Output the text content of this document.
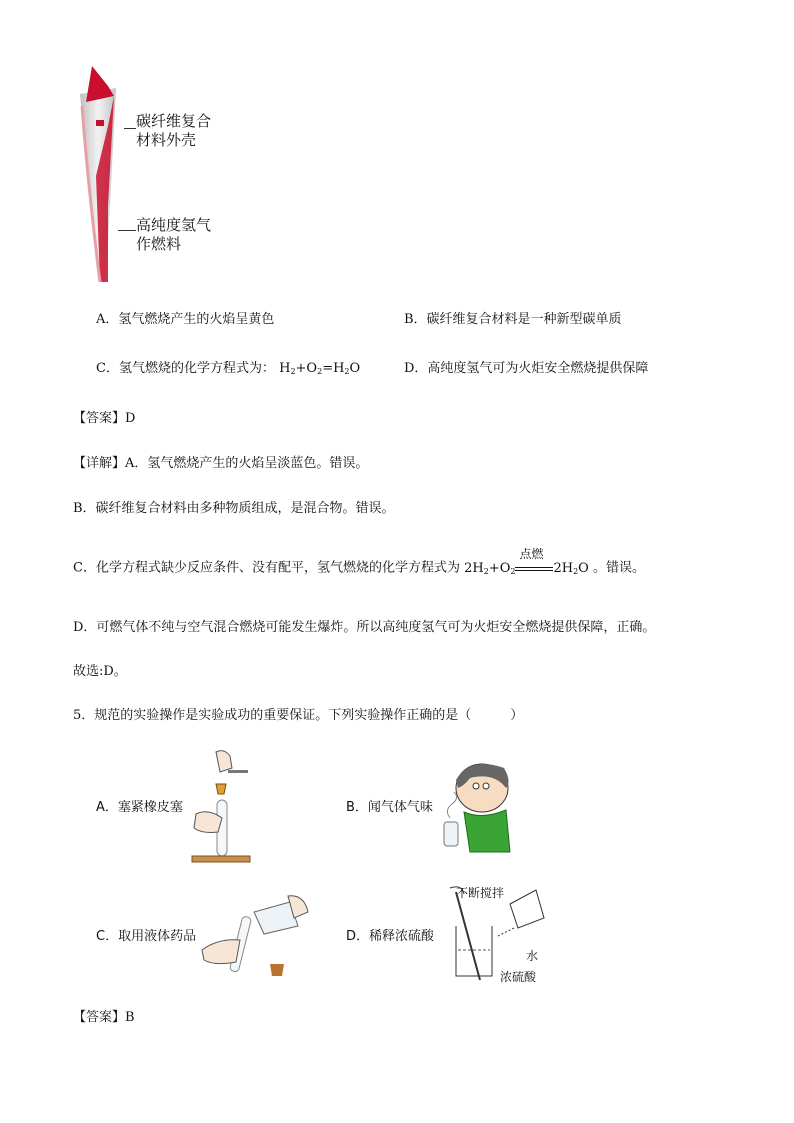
碳纤维复合
材料外壳
高纯度氢气
作燃料
A．氢气燃烧产生的火焰呈黄色	B．碳纤维复合材料是一种新型碳单质
C．氢气燃烧的化学方程式为： $H_2+O_2=H_2O$	D．高纯度氢气可为火炬安全燃烧提供保障
【答案】D
【详解】A．氢气燃烧产生的火焰呈淡蓝色。错误。
B．碳纤维复合材料由多种物质组成，是混合物。错误。
C．化学方程式缺少反应条件、没有配平，氢气燃烧的化学方程式为 $2H_2+O_2$
点燃
$2H_2O$ 。错误。
D．可燃气体不纯与空气混合燃烧可能发生爆炸。所以高纯度氢气可为火炬安全燃烧提供保障，正确。
故选:D。
5．规范的实验操作是实验成功的重要保证。下列实验操作正确的是（　　　）
A．塞紧橡皮塞	B．闻气体气味
C．取用液体药品
不断搅拌
水
浓硫酸
D．稀释浓硫酸
【答案】B
